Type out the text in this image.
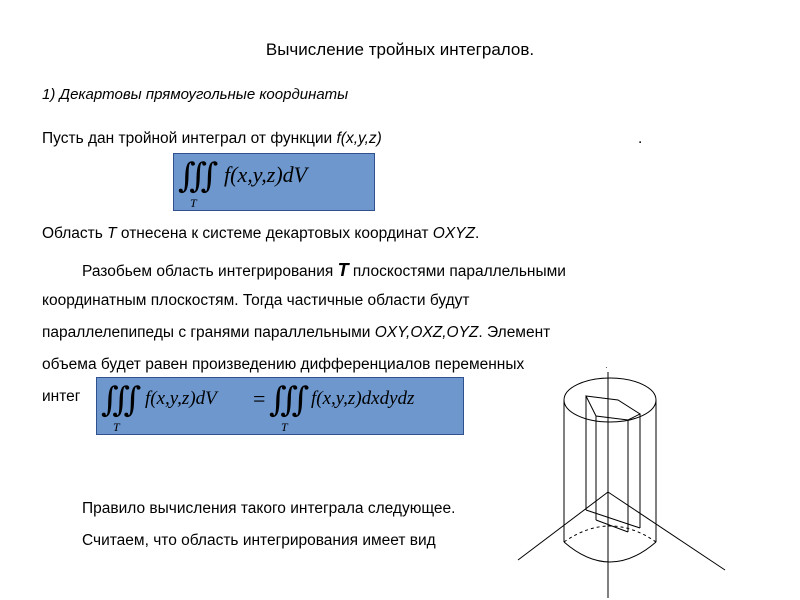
Вычисление тройных интегралов.
1) Декартовы прямоугольные координаты
Пусть дан тройной интеграл от функции f(x,y,z)	.
∭
T
f(x,y,z)dV
Область T отнесена к системе декартовых координат OXYZ.
Разобьем область интегрирования T плоскостями параллельными
координатным плоскостям. Тогда частичные области будут
параллелепипеды с гранями параллельными OXY,OXZ,OYZ. Элемент
объема будет равен произведению дифференциалов переменных
интег ∭
T
f(x,y,z)dV = ∭
T
f(x,y,z)dxdydz
·
Правило вычисления такого интеграла следующее.
Считаем, что область интегрирования имеет вид
